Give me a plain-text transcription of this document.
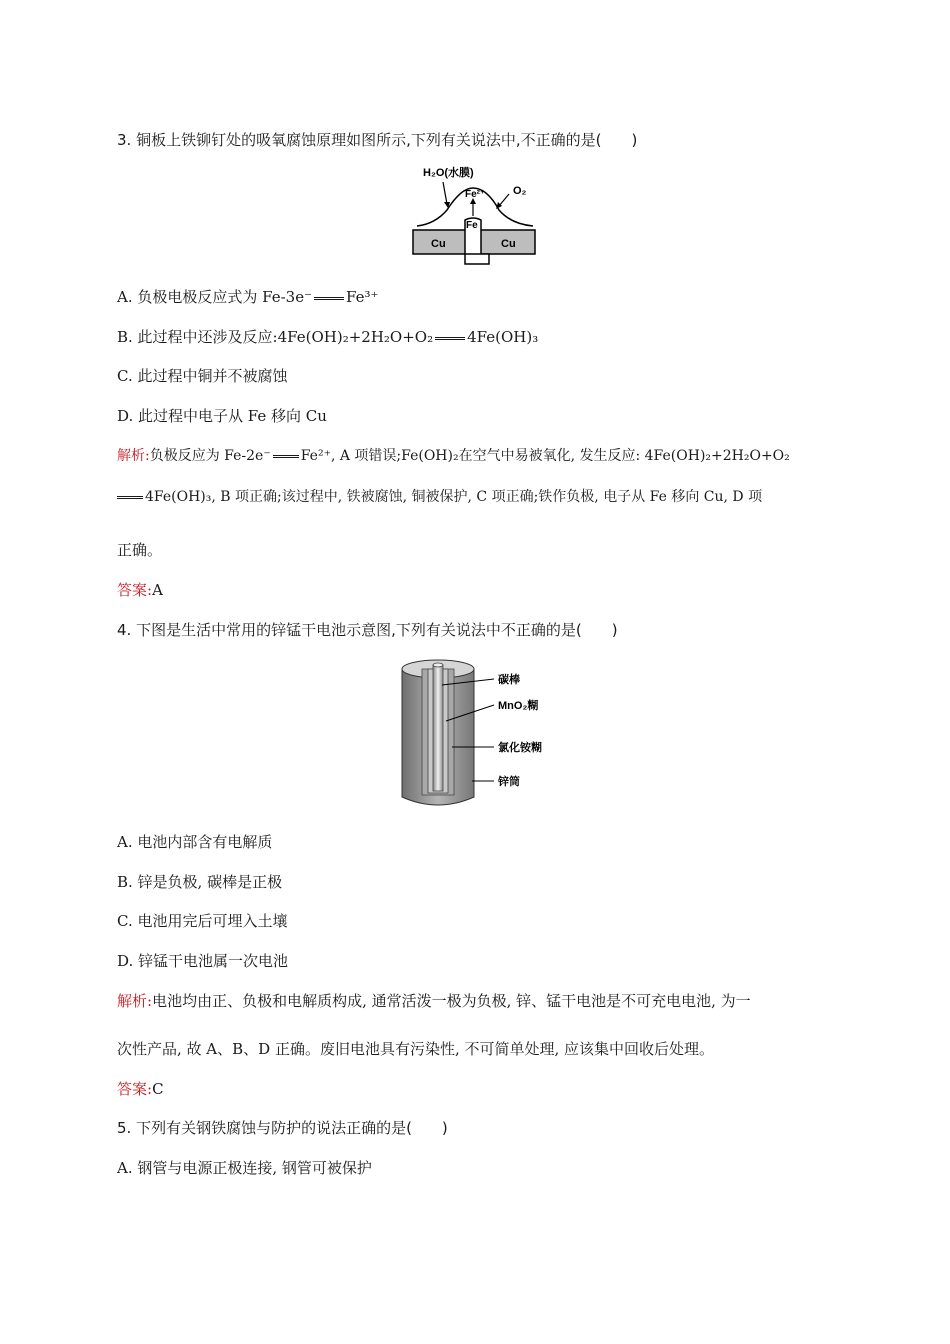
3. 铜板上铁铆钉处的吸氧腐蚀原理如图所示,下列有关说法中,不正确的是(　　)
H₂O(水膜)
Fe²⁺	O₂
Fe
Cu	Cu
A. 负极电极反应式为 Fe-3e⁻ Fe³⁺
B. 此过程中还涉及反应:4Fe(OH)₂+2H₂O+O₂ 4Fe(OH)₃
C. 此过程中铜并不被腐蚀
D. 此过程中电子从 Fe 移向 Cu
解析:负极反应为 Fe-2e⁻ Fe²⁺, A 项错误;Fe(OH)₂在空气中易被氧化, 发生反应: 4Fe(OH)₂+2H₂O+O₂
4Fe(OH)₃, B 项正确;该过程中, 铁被腐蚀, 铜被保护, C 项正确;铁作负极, 电子从 Fe 移向 Cu, D 项
正确。
答案:A
4. 下图是生活中常用的锌锰干电池示意图,下列有关说法中不正确的是(　　)
碳棒
MnO₂糊
氯化铵糊
锌筒
A. 电池内部含有电解质
B. 锌是负极, 碳棒是正极
C. 电池用完后可埋入土壤
D. 锌锰干电池属一次电池
解析:电池均由正、负极和电解质构成, 通常活泼一极为负极, 锌、锰干电池是不可充电电池, 为一
次性产品, 故 A、B、D 正确。废旧电池具有污染性, 不可简单处理, 应该集中回收后处理。
答案:C
5. 下列有关钢铁腐蚀与防护的说法正确的是(　　)
A. 钢管与电源正极连接, 钢管可被保护
